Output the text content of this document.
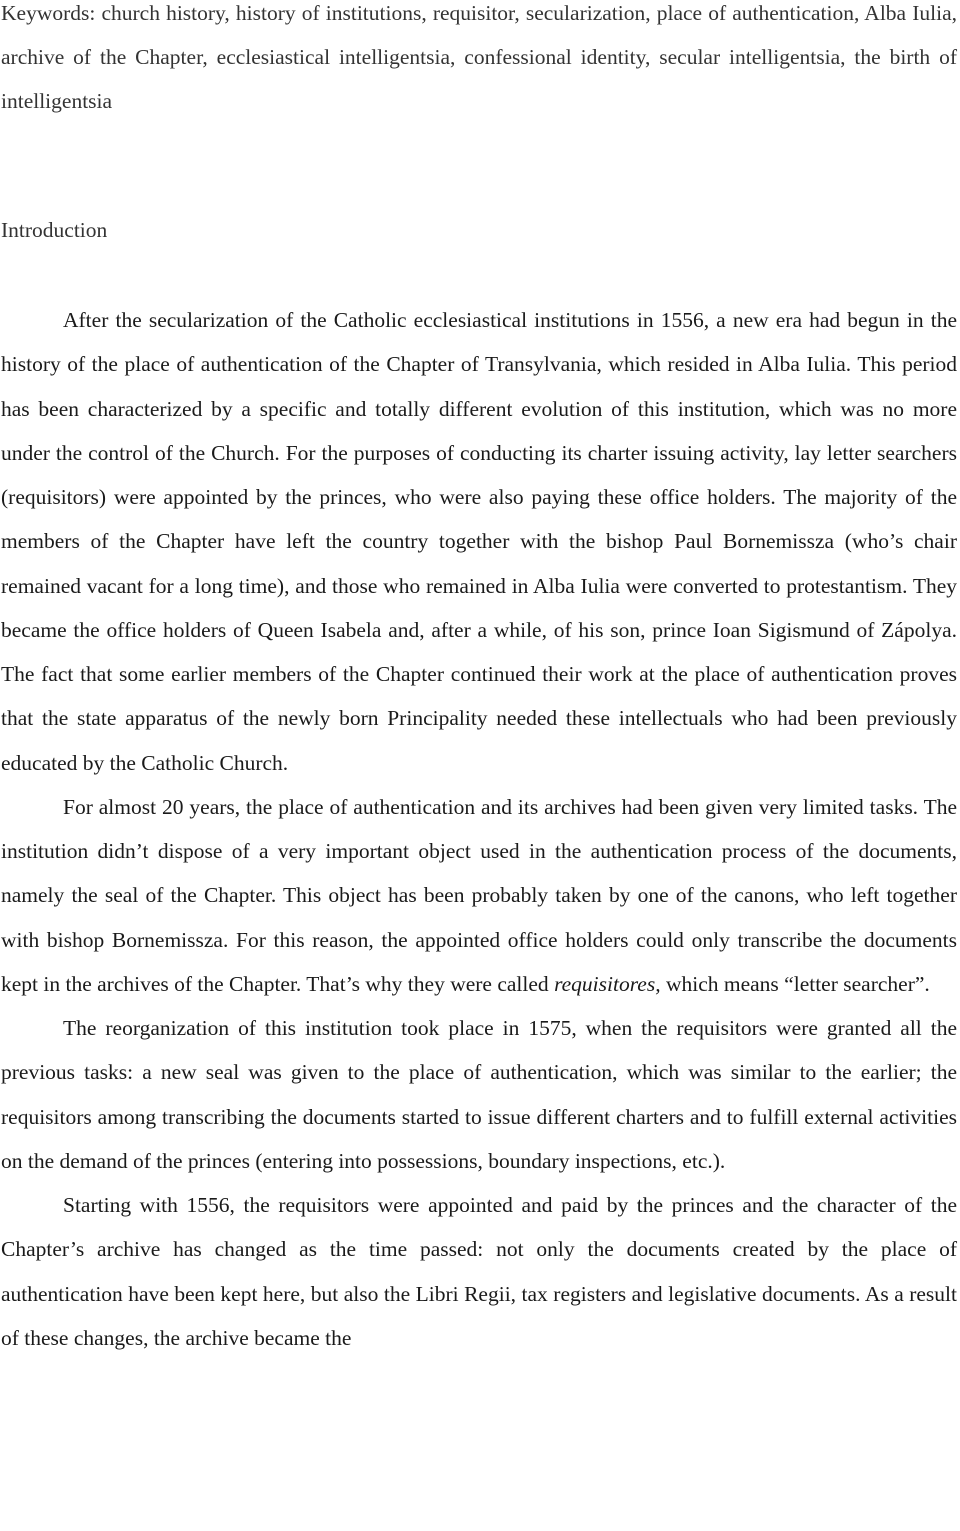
Keywords: church history, history of institutions, requisitor, secularization, place of authentication, Alba Iulia, archive of the Chapter, ecclesiastical intelligentsia, confessional identity, secular intelligentsia, the birth of intelligentsia

Introduction

After the secularization of the Catholic ecclesiastical institutions in 1556, a new era had begun in the history of the place of authentication of the Chapter of Transylvania, which resided in Alba Iulia. This period has been characterized by a specific and totally different evolution of this institution, which was no more under the control of the Church. For the purposes of conducting its charter issuing activity, lay letter searchers (requisitors) were appointed by the princes, who were also paying these office holders. The majority of the members of the Chapter have left the country together with the bishop Paul Bornemissza (who’s chair remained vacant for a long time), and those who remained in Alba Iulia were converted to protestantism. They became the office holders of Queen Isabela and, after a while, of his son, prince Ioan Sigismund of Zápolya. The fact that some earlier members of the Chapter continued their work at the place of authentication proves that the state apparatus of the newly born Principality needed these intellectuals who had been previously educated by the Catholic Church.

For almost 20 years, the place of authentication and its archives had been given very limited tasks. The institution didn’t dispose of a very important object used in the authentication process of the documents, namely the seal of the Chapter. This object has been probably taken by one of the canons, who left together with bishop Bornemissza. For this reason, the appointed office holders could only transcribe the documents kept in the archives of the Chapter. That’s why they were called requisitores, which means “letter searcher”.

The reorganization of this institution took place in 1575, when the requisitors were granted all the previous tasks: a new seal was given to the place of authentication, which was similar to the earlier; the requisitors among transcribing the documents started to issue different charters and to fulfill external activities on the demand of the princes (entering into possessions, boundary inspections, etc.).

Starting with 1556, the requisitors were appointed and paid by the princes and the character of the Chapter’s archive has changed as the time passed: not only the documents created by the place of authentication have been kept here, but also the Libri Regii, tax registers and legislative documents. As a result of these changes, the archive became the
